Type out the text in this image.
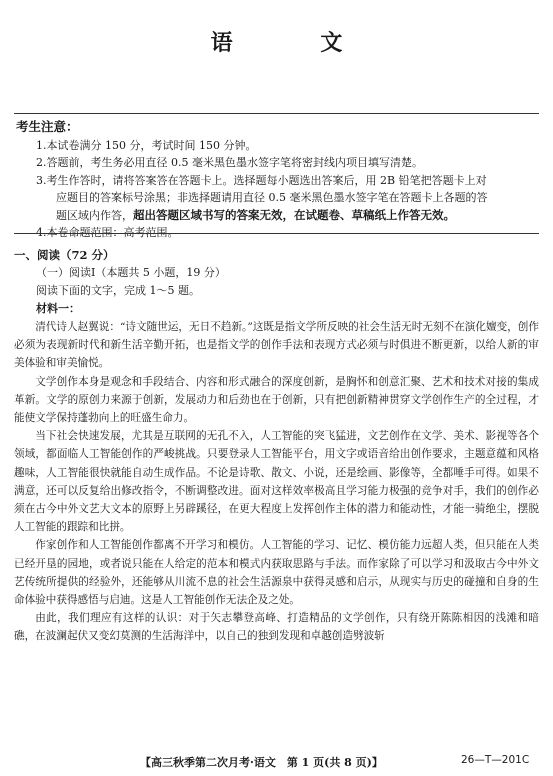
语 文
考生注意：
1.本试卷满分 150 分，考试时间 150 分钟。
2.答题前，考生务必用直径 0.5 毫米黑色墨水签字笔将密封线内项目填写清楚。
3.考生作答时，请将答案答在答题卡上。选择题每小题选出答案后，用 2B 铅笔把答题卡上对
应题目的答案标号涂黑；非选择题请用直径 0.5 毫米黑色墨水签字笔在答题卡上各题的答
题区域内作答，超出答题区域书写的答案无效，在试题卷、草稿纸上作答无效。
4.本卷命题范围：高考范围。
一、阅读（72 分）
（一）阅读Ⅰ（本题共 5 小题，19 分）
阅读下面的文字，完成 1～5 题。
材料一：

清代诗人赵翼说：“诗文随世运，无日不趋新。”这既是指文学所反映的社会生活无时无刻不在演化嬗变，创作必须为表现新时代和新生活辛勤开拓，也是指文学的创作手法和表现方式必须与时俱进不断更新，以给人新的审美体验和审美愉悦。

文学创作本身是观念和手段结合、内容和形式融合的深度创新，是胸怀和创意汇聚、艺术和技术对接的集成革新。文学的原创力来源于创新，发展动力和后劲也在于创新，只有把创新精神贯穿文学创作生产的全过程，才能使文学保持蓬勃向上的旺盛生命力。

当下社会快速发展，尤其是互联网的无孔不入，人工智能的突飞猛进，文艺创作在文学、美术、影视等各个领域，都面临人工智能创作的严峻挑战。只要登录人工智能平台，用文字或语音给出创作要求，主题意蕴和风格趣味，人工智能很快就能自动生成作品。不论是诗歌、散文、小说，还是绘画、影像等，全都唾手可得。如果不满意，还可以反复给出修改指令，不断调整改进。面对这样效率极高且学习能力极强的竞争对手，我们的创作必须在古今中外文艺大文本的原野上另辟蹊径，在更大程度上发挥创作主体的潜力和能动性，才能一骑绝尘，摆脱人工智能的跟踪和比拼。

作家创作和人工智能创作都离不开学习和模仿。人工智能的学习、记忆、模仿能力远超人类，但只能在人类已经开垦的园地，或者说只能在人给定的范本和模式内获取思路与手法。而作家除了可以学习和汲取古今中外文艺传统所提供的经验外，还能够从川流不息的社会生活源泉中获得灵感和启示，从现实与历史的碰撞和自身的生命体验中获得感悟与启迪。这是人工智能创作无法企及之处。

由此，我们理应有这样的认识：对于矢志攀登高峰、打造精品的文学创作，只有绕开陈陈相因的浅滩和暗礁，在波澜起伏又变幻莫测的生活海洋中，以自己的独到发现和卓越创造劈波斩

【高三秋季第二次月考·语文　第 1 页(共 8 页)】	26—T—201C
